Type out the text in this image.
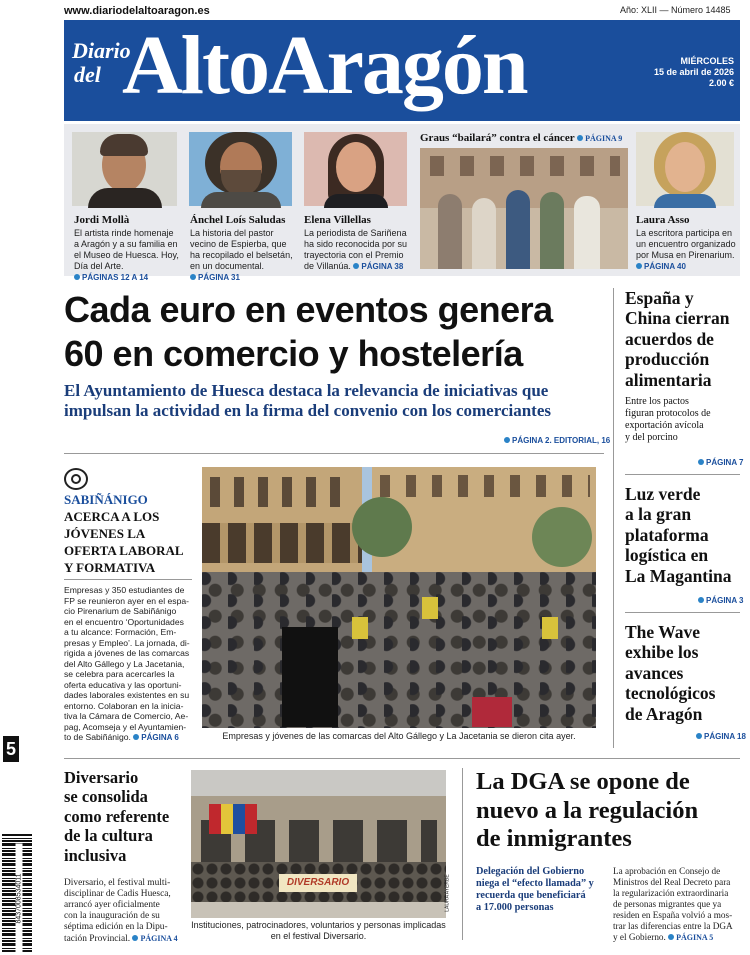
www.diariodelaltoaragon.es	Año: XLII — Número 14485
Diario
del AltoAragón	MIÉRCOLES
15 de abril de 2026
2.00 €
Graus “bailará” contra el cáncer PÁGINA 9
Jordi Mollà
El artista rinde homenaje a Aragón y a su familia en el Museo de Huesca. Hoy, Día del Arte. PÁGINAS 12 A 14
Ánchel Loís Saludas
La historia del pastor vecino de Espierba, que ha recopilado el belsetán, en un documental. PÁGINA 31
Elena Villellas
La periodista de Sariñena ha sido reconocida por su trayectoria con el Premio de Villanúa. PÁGINA 38
Laura Asso
La escritora participa en un encuentro organizado por Musa en Pirenarium. PÁGINA 40
Cada euro en eventos genera
60 en comercio y hostelería
El Ayuntamiento de Huesca destaca la relevancia de iniciativas que
impulsan la actividad en la firma del convenio con los comerciantes
PÁGINA 2. EDITORIAL, 16
SABIÑÁNIGO
ACERCA A LOS
JÓVENES LA
OFERTA LABORAL
Y FORMATIVA
Empresas y 350 estudiantes de
FP se reunieron ayer en el espa-
cio Pirenarium de Sabiñánigo
en el encuentro ‘Oportunidades
a tu alcance: Formación, Em-
presas y Empleo’. La jornada, di-
rigida a jóvenes de las comarcas
del Alto Gállego y La Jacetania,
se celebra para acercarles la
oferta educativa y las oportuni-
dades laborales existentes en su
entorno. Colaboran en la inicia-
tiva la Cámara de Comercio, Ae-
pag, Acomseja y el Ayuntamien-
to de Sabiñánigo. PÁGINA 6
MERCEDES PORTELLA
Empresas y jóvenes de las comarcas del Alto Gállego y La Jacetania se dieron cita ayer.
España y
China cierran
acuerdos de
producción
alimentaria
Entre los pactos
figuran protocolos de
exportación avícola
y del porcino
PÁGINA 7
Luz verde
a la gran
plataforma
logística en
La Magantina
PÁGINA 3
The Wave
exhibe los
avances
tecnológicos
de Aragón
PÁGINA 18
5
Diversario
se consolida
como referente
de la cultura
inclusiva
Diversario, el festival multi-
disciplinar de Cadis Huesca,
arrancó ayer oficialmente
con la inauguración de su
séptima edición en la Dipu-
tación Provincial. PÁGINA 4
DIVERSARIO	LAURA AYERBE
Instituciones, patrocinadores, voluntarios y personas implicadas
en el festival Diversario.
La DGA se opone de
nuevo a la regulación
de inmigrantes
Delegación del Gobierno
niega el “efecto llamada” y
recuerda que beneficiará
a 17.000 personas
La aprobación en Consejo de
Ministros del Real Decreto para
la regularización extraordinaria
de personas migrantes que ya
residen en España volvió a mos-
trar las diferencias entre la DGA
y el Gobierno. PÁGINA 5
8437008534011
